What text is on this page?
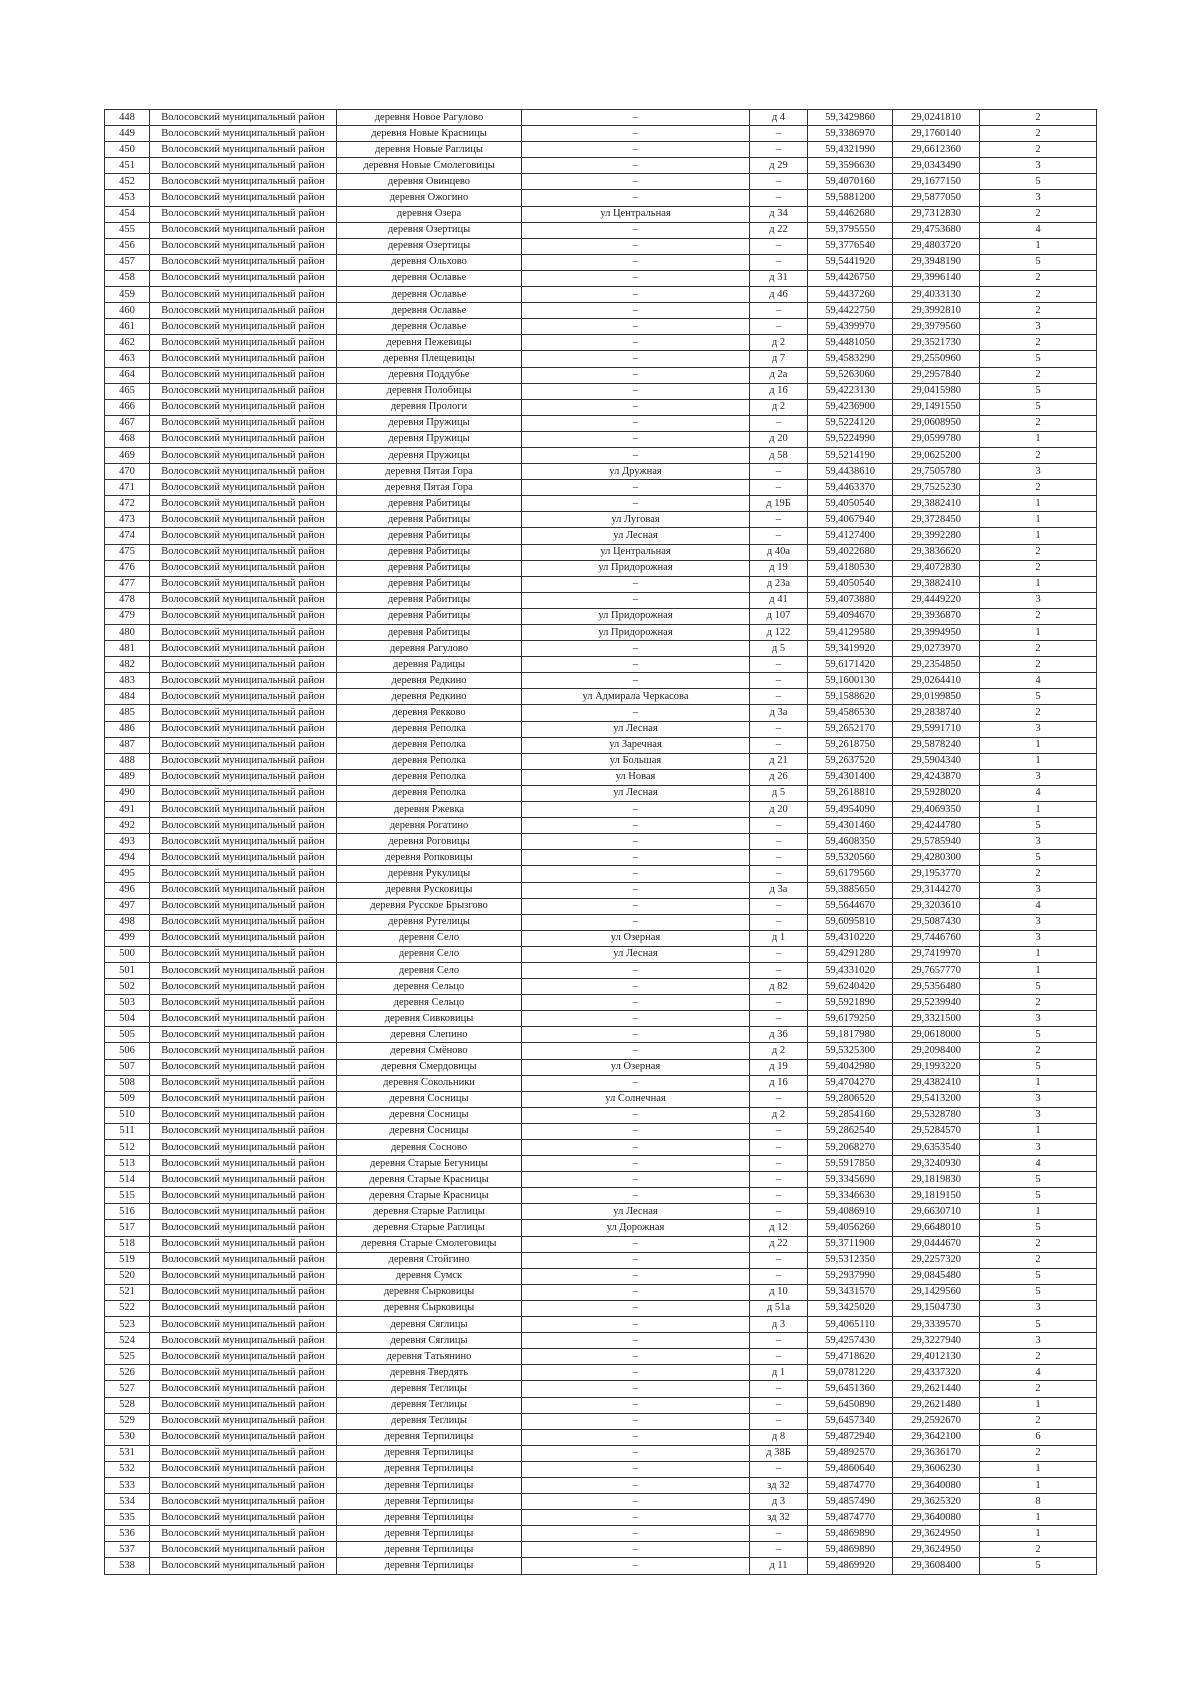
448	Волосовский муниципальный район	деревня Новое Рагулово	–	д 4	59,3429860	29,0241810	2
449	Волосовский муниципальный район	деревня Новые Красницы	–	–	59,3386970	29,1760140	2
450	Волосовский муниципальный район	деревня Новые Раглицы	–	–	59,4321990	29,6612360	2
451	Волосовский муниципальный район	деревня Новые Смолеговицы	–	д 29	59,3596630	29,0343490	3
452	Волосовский муниципальный район	деревня Овинцево	–	–	59,4070160	29,1677150	5
453	Волосовский муниципальный район	деревня Ожогино	–	–	59,5881200	29,5877050	3
454	Волосовский муниципальный район	деревня Озера	ул Центральная	д 34	59,4462680	29,7312830	2
455	Волосовский муниципальный район	деревня Озертицы	–	д 22	59,3795550	29,4753680	4
456	Волосовский муниципальный район	деревня Озертицы	–	–	59,3776540	29,4803720	1
457	Волосовский муниципальный район	деревня Ольхово	–	–	59,5441920	29,3948190	5
458	Волосовский муниципальный район	деревня Ославье	–	д 31	59,4426750	29,3996140	2
459	Волосовский муниципальный район	деревня Ославье	–	д 46	59,4437260	29,4033130	2
460	Волосовский муниципальный район	деревня Ославье	–	–	59,4422750	29,3992810	2
461	Волосовский муниципальный район	деревня Ославье	–	–	59,4399970	29,3979560	3
462	Волосовский муниципальный район	деревня Пежевицы	–	д 2	59,4481050	29,3521730	2
463	Волосовский муниципальный район	деревня Плещевицы	–	д 7	59,4583290	29,2550960	5
464	Волосовский муниципальный район	деревня Поддубье	–	д 2а	59,5263060	29,2957840	2
465	Волосовский муниципальный район	деревня Полобицы	–	д 16	59,4223130	29,0415980	5
466	Волосовский муниципальный район	деревня Прологи	–	д 2	59,4236900	29,1491550	5
467	Волосовский муниципальный район	деревня Пружицы	–	–	59,5224120	29,0608950	2
468	Волосовский муниципальный район	деревня Пружицы	–	д 20	59,5224990	29,0599780	1
469	Волосовский муниципальный район	деревня Пружицы	–	д 58	59,5214190	29,0625200	2
470	Волосовский муниципальный район	деревня Пятая Гора	ул Дружная	–	59,4438610	29,7505780	3
471	Волосовский муниципальный район	деревня Пятая Гора	–	–	59,4463370	29,7525230	2
472	Волосовский муниципальный район	деревня Рабитицы	–	д 19Б	59,4050540	29,3882410	1
473	Волосовский муниципальный район	деревня Рабитицы	ул Луговая	–	59,4067940	29,3728450	1
474	Волосовский муниципальный район	деревня Рабитицы	ул Лесная	–	59,4127400	29,3992280	1
475	Волосовский муниципальный район	деревня Рабитицы	ул Центральная	д 40а	59,4022680	29,3836620	2
476	Волосовский муниципальный район	деревня Рабитицы	ул Придорожная	д 19	59,4180530	29,4072830	2
477	Волосовский муниципальный район	деревня Рабитицы	–	д 23а	59,4050540	29,3882410	1
478	Волосовский муниципальный район	деревня Рабитицы	–	д 41	59,4073880	29,4449220	3
479	Волосовский муниципальный район	деревня Рабитицы	ул Придорожная	д 107	59,4094670	29,3936870	2
480	Волосовский муниципальный район	деревня Рабитицы	ул Придорожная	д 122	59,4129580	29,3994950	1
481	Волосовский муниципальный район	деревня Рагулово	–	д 5	59,3419920	29,0273970	2
482	Волосовский муниципальный район	деревня Радицы	–	–	59,6171420	29,2354850	2
483	Волосовский муниципальный район	деревня Редкино	–	–	59,1600130	29,0264410	4
484	Волосовский муниципальный район	деревня Редкино	ул Адмирала Черкасова	–	59,1588620	29,0199850	5
485	Волосовский муниципальный район	деревня Рекково	–	д 3а	59,4586530	29,2838740	2
486	Волосовский муниципальный район	деревня Реполка	ул Лесная	–	59,2652170	29,5991710	3
487	Волосовский муниципальный район	деревня Реполка	ул Заречная	–	59,2618750	29,5878240	1
488	Волосовский муниципальный район	деревня Реполка	ул Большая	д 21	59,2637520	29,5904340	1
489	Волосовский муниципальный район	деревня Реполка	ул Новая	д 26	59,4301400	29,4243870	3
490	Волосовский муниципальный район	деревня Реполка	ул Лесная	д 5	59,2618810	29,5928020	4
491	Волосовский муниципальный район	деревня Ржевка	–	д 20	59,4954090	29,4069350	1
492	Волосовский муниципальный район	деревня Рогатино	–	–	59,4301460	29,4244780	5
493	Волосовский муниципальный район	деревня Роговицы	–	–	59,4608350	29,5785940	3
494	Волосовский муниципальный район	деревня Ропковицы	–	–	59,5320560	29,4280300	5
495	Волосовский муниципальный район	деревня Рукулицы	–	–	59,6179560	29,1953770	2
496	Волосовский муниципальный район	деревня Русковицы	–	д 3а	59,3885650	29,3144270	3
497	Волосовский муниципальный район	деревня Русское Брызгово	–	–	59,5644670	29,3203610	4
498	Волосовский муниципальный район	деревня Рутелицы	–	–	59,6095810	29,5087430	3
499	Волосовский муниципальный район	деревня Село	ул Озерная	д 1	59,4310220	29,7446760	3
500	Волосовский муниципальный район	деревня Село	ул Лесная	–	59,4291280	29,7419970	1
501	Волосовский муниципальный район	деревня Село	–	–	59,4331020	29,7657770	1
502	Волосовский муниципальный район	деревня Сельцо	–	д 82	59,6240420	29,5356480	5
503	Волосовский муниципальный район	деревня Сельцо	–	–	59,5921890	29,5239940	2
504	Волосовский муниципальный район	деревня Сивковицы	–	–	59,6179250	29,3321500	3
505	Волосовский муниципальный район	деревня Слепино	–	д 36	59,1817980	29,0618000	5
506	Волосовский муниципальный район	деревня Смёново	–	д 2	59,5325300	29,2098400	2
507	Волосовский муниципальный район	деревня Смердовицы	ул Озерная	д 19	59,4042980	29,1993220	5
508	Волосовский муниципальный район	деревня Сокольники	–	д 16	59,4704270	29,4382410	1
509	Волосовский муниципальный район	деревня Сосницы	ул Солнечная	–	59,2806520	29,5413200	3
510	Волосовский муниципальный район	деревня Сосницы	–	д 2	59,2854160	29,5328780	3
511	Волосовский муниципальный район	деревня Сосницы	–	–	59,2862540	29,5284570	1
512	Волосовский муниципальный район	деревня Сосново	–	–	59,2068270	29,6353540	3
513	Волосовский муниципальный район	деревня Старые Бегуницы	–	–	59,5917850	29,3240930	4
514	Волосовский муниципальный район	деревня Старые Красницы	–	–	59,3345690	29,1819830	5
515	Волосовский муниципальный район	деревня Старые Красницы	–	–	59,3346630	29,1819150	5
516	Волосовский муниципальный район	деревня Старые Раглицы	ул Лесная	–	59,4086910	29,6630710	1
517	Волосовский муниципальный район	деревня Старые Раглицы	ул Дорожная	д 12	59,4056260	29,6648010	5
518	Волосовский муниципальный район	деревня Старые Смолеговицы	–	д 22	59,3711900	29,0444670	2
519	Волосовский муниципальный район	деревня Стойгино	–	–	59,5312350	29,2257320	2
520	Волосовский муниципальный район	деревня Сумск	–	–	59,2937990	29,0845480	5
521	Волосовский муниципальный район	деревня Сырковицы	–	д 10	59,3431570	29,1429560	5
522	Волосовский муниципальный район	деревня Сырковицы	–	д 51а	59,3425020	29,1504730	3
523	Волосовский муниципальный район	деревня Сяглицы	–	д 3	59,4065110	29,3339570	5
524	Волосовский муниципальный район	деревня Сяглицы	–	–	59,4257430	29,3227940	3
525	Волосовский муниципальный район	деревня Татьянино	–	–	59,4718620	29,4012130	2
526	Волосовский муниципальный район	деревня Твердять	–	д 1	59,0781220	29,4337320	4
527	Волосовский муниципальный район	деревня Теглицы	–	–	59,6451360	29,2621440	2
528	Волосовский муниципальный район	деревня Теглицы	–	–	59,6450890	29,2621480	1
529	Волосовский муниципальный район	деревня Теглицы	–	–	59,6457340	29,2592670	2
530	Волосовский муниципальный район	деревня Терпилицы	–	д 8	59,4872940	29,3642100	6
531	Волосовский муниципальный район	деревня Терпилицы	–	д 38Б	59,4892570	29,3636170	2
532	Волосовский муниципальный район	деревня Терпилицы	–	–	59,4860640	29,3606230	1
533	Волосовский муниципальный район	деревня Терпилицы	–	зд 32	59,4874770	29,3640080	1
534	Волосовский муниципальный район	деревня Терпилицы	–	д 3	59,4857490	29,3625320	8
535	Волосовский муниципальный район	деревня Терпилицы	–	зд 32	59,4874770	29,3640080	1
536	Волосовский муниципальный район	деревня Терпилицы	–	–	59,4869890	29,3624950	1
537	Волосовский муниципальный район	деревня Терпилицы	–	–	59,4869890	29,3624950	2
538	Волосовский муниципальный район	деревня Терпилицы	–	д 11	59,4869920	29,3608400	5
